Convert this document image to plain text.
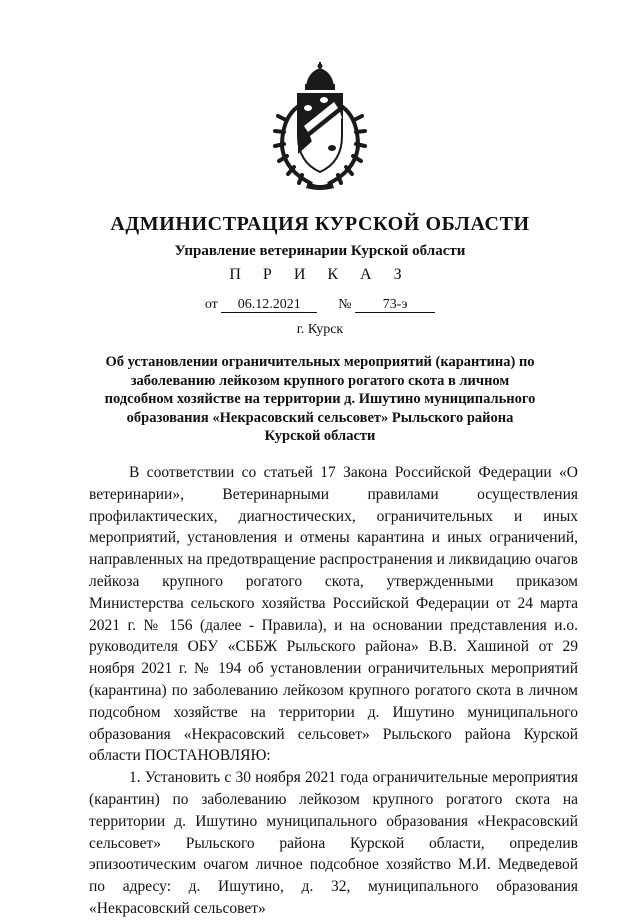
АДМИНИСТРАЦИЯ КУРСКОЙ ОБЛАСТИ
Управление ветеринарии Курской области
П Р И К А З
от 06.12.2021	№ 73-э
г. Курск
Об установлении ограничительных мероприятий (карантина) по заболеванию лейкозом крупного рогатого скота в личном подсобном хозяйстве на территории д. Ишутино муниципального образования «Некрасовский сельсовет» Рыльского района Курской области

В соответствии со статьей 17 Закона Российской Федерации «О ветеринарии», Ветеринарными правилами осуществления профилактических, диагностических, ограничительных и иных мероприятий, установления и отмены карантина и иных ограничений, направленных на предотвращение распространения и ликвидацию очагов лейкоза крупного рогатого скота, утвержденными приказом Министерства сельского хозяйства Российской Федерации от 24 марта 2021 г. № 156 (далее - Правила), и на основании представления и.о. руководителя ОБУ «СББЖ Рыльского района» В.В. Хашиной от 29 ноября 2021 г. № 194 об установлении ограничительных мероприятий (карантина) по заболеванию лейкозом крупного рогатого скота в личном подсобном хозяйстве на территории д. Ишутино муниципального образования «Некрасовский сельсовет» Рыльского района Курской области ПОСТАНОВЛЯЮ:

1. Установить с 30 ноября 2021 года ограничительные мероприятия (карантин) по заболеванию лейкозом крупного рогатого скота на территории д. Ишутино муниципального образования «Некрасовский сельсовет» Рыльского района Курской области, определив эпизоотическим очагом личное подсобное хозяйство М.И. Медведевой по адресу: д. Ишутино, д. 32, муниципального образования «Некрасовский сельсовет»
